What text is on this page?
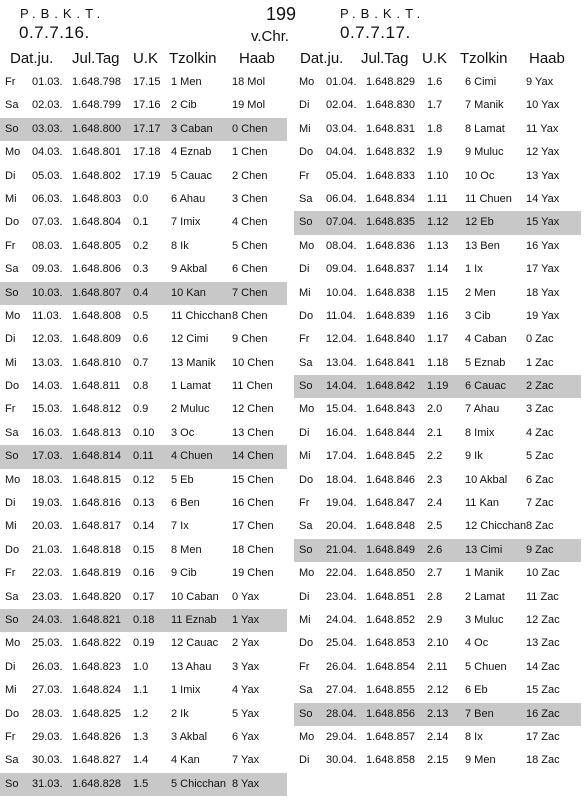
P.B.K.T.
0.7.7.16.
199
v.Chr.
P.B.K.T.
0.7.7.17.
Dat.ju. Jul.Tag U.K Tzolkin Haab Dat.ju. Jul.Tag U.K Tzolkin Haab
Fr 01.03. 1.648.798 17.15 1 Men	18 Mol
Sa 02.03. 1.648.799 17.16 2 Cib	19 Mol
So 03.03. 1.648.800 17.17 3 Caban 0 Chen
Mo 04.03. 1.648.801 17.18 4 Eznab 1 Chen
Di 05.03. 1.648.802 17.19 5 Cauac 2 Chen
Mi 06.03. 1.648.803 0.0 6 Ahau 3 Chen
Do 07.03. 1.648.804 0.1 7 Imix	4 Chen
Fr 08.03. 1.648.805 0.2 8 Ik	5 Chen
Sa 09.03. 1.648.806 0.3 9 Akbal 6 Chen
So 10.03. 1.648.807 0.4 10 Kan 7 Chen
Mo 11.03. 1.648.808 0.5 11 Chicchan 8 Chen
Di 12.03. 1.648.809 0.6 12 Cimi 9 Chen
Mi 13.03. 1.648.810 0.7 13 Manik 10 Chen
Do 14.03. 1.648.811 0.8 1 Lamat 11 Chen
Fr 15.03. 1.648.812 0.9 2 Muluc 12 Chen
Sa 16.03. 1.648.813 0.10 3 Oc	13 Chen
So 17.03. 1.648.814 0.11 4 Chuen 14 Chen
Mo 18.03. 1.648.815 0.12 5 Eb	15 Chen
Di 19.03. 1.648.816 0.13 6 Ben	16 Chen
Mi 20.03. 1.648.817 0.14 7 Ix	17 Chen
Do 21.03. 1.648.818 0.15 8 Men	18 Chen
Fr 22.03. 1.648.819 0.16 9 Cib	19 Chen
Sa 23.03. 1.648.820 0.17 10 Caban 0 Yax
So 24.03. 1.648.821 0.18 11 Eznab 1 Yax
Mo 25.03. 1.648.822 0.19 12 Cauac 2 Yax
Di 26.03. 1.648.823 1.0 13 Ahau 3 Yax
Mi 27.03. 1.648.824 1.1 1 Imix	4 Yax
Do 28.03. 1.648.825 1.2 2 Ik	5 Yax
Fr 29.03. 1.648.826 1.3 3 Akbal 6 Yax
Sa 30.03. 1.648.827 1.4 4 Kan	7 Yax
So 31.03. 1.648.828 1.5 5 Chicchan 8 Yax
Mo 01.04. 1.648.829 1.6 6 Cimi	9 Yax
Di 02.04. 1.648.830 1.7 7 Manik 10 Yax
Mi 03.04. 1.648.831 1.8 8 Lamat 11 Yax
Do 04.04. 1.648.832 1.9 9 Muluc 12 Yax
Fr 05.04. 1.648.833 1.10 10 Oc	13 Yax
Sa 06.04. 1.648.834 1.11 11 Chuen 14 Yax
So 07.04. 1.648.835 1.12 12 Eb	15 Yax
Mo 08.04. 1.648.836 1.13 13 Ben 16 Yax
Di 09.04. 1.648.837 1.14 1 Ix	17 Yax
Mi 10.04. 1.648.838 1.15 2 Men	18 Yax
Do 11.04. 1.648.839 1.16 3 Cib	19 Yax
Fr 12.04. 1.648.840 1.17 4 Caban 0 Zac
Sa 13.04. 1.648.841 1.18 5 Eznab 1 Zac
So 14.04. 1.648.842 1.19 6 Cauac 2 Zac
Mo 15.04. 1.648.843 2.0 7 Ahau 3 Zac
Di 16.04. 1.648.844 2.1 8 Imix	4 Zac
Mi 17.04. 1.648.845 2.2 9 Ik	5 Zac
Do 18.04. 1.648.846 2.3 10 Akbal 6 Zac
Fr 19.04. 1.648.847 2.4 11 Kan 7 Zac
Sa 20.04. 1.648.848 2.5 12 Chicchan 8 Zac
So 21.04. 1.648.849 2.6 13 Cimi 9 Zac
Mo 22.04. 1.648.850 2.7 1 Manik 10 Zac
Di 23.04. 1.648.851 2.8 2 Lamat 11 Zac
Mi 24.04. 1.648.852 2.9 3 Muluc 12 Zac
Do 25.04. 1.648.853 2.10 4 Oc	13 Zac
Fr 26.04. 1.648.854 2.11 5 Chuen 14 Zac
Sa 27.04. 1.648.855 2.12 6 Eb	15 Zac
So 28.04. 1.648.856 2.13 7 Ben	16 Zac
Mo 29.04. 1.648.857 2.14 8 Ix	17 Zac
Di 30.04. 1.648.858 2.15 9 Men	18 Zac
